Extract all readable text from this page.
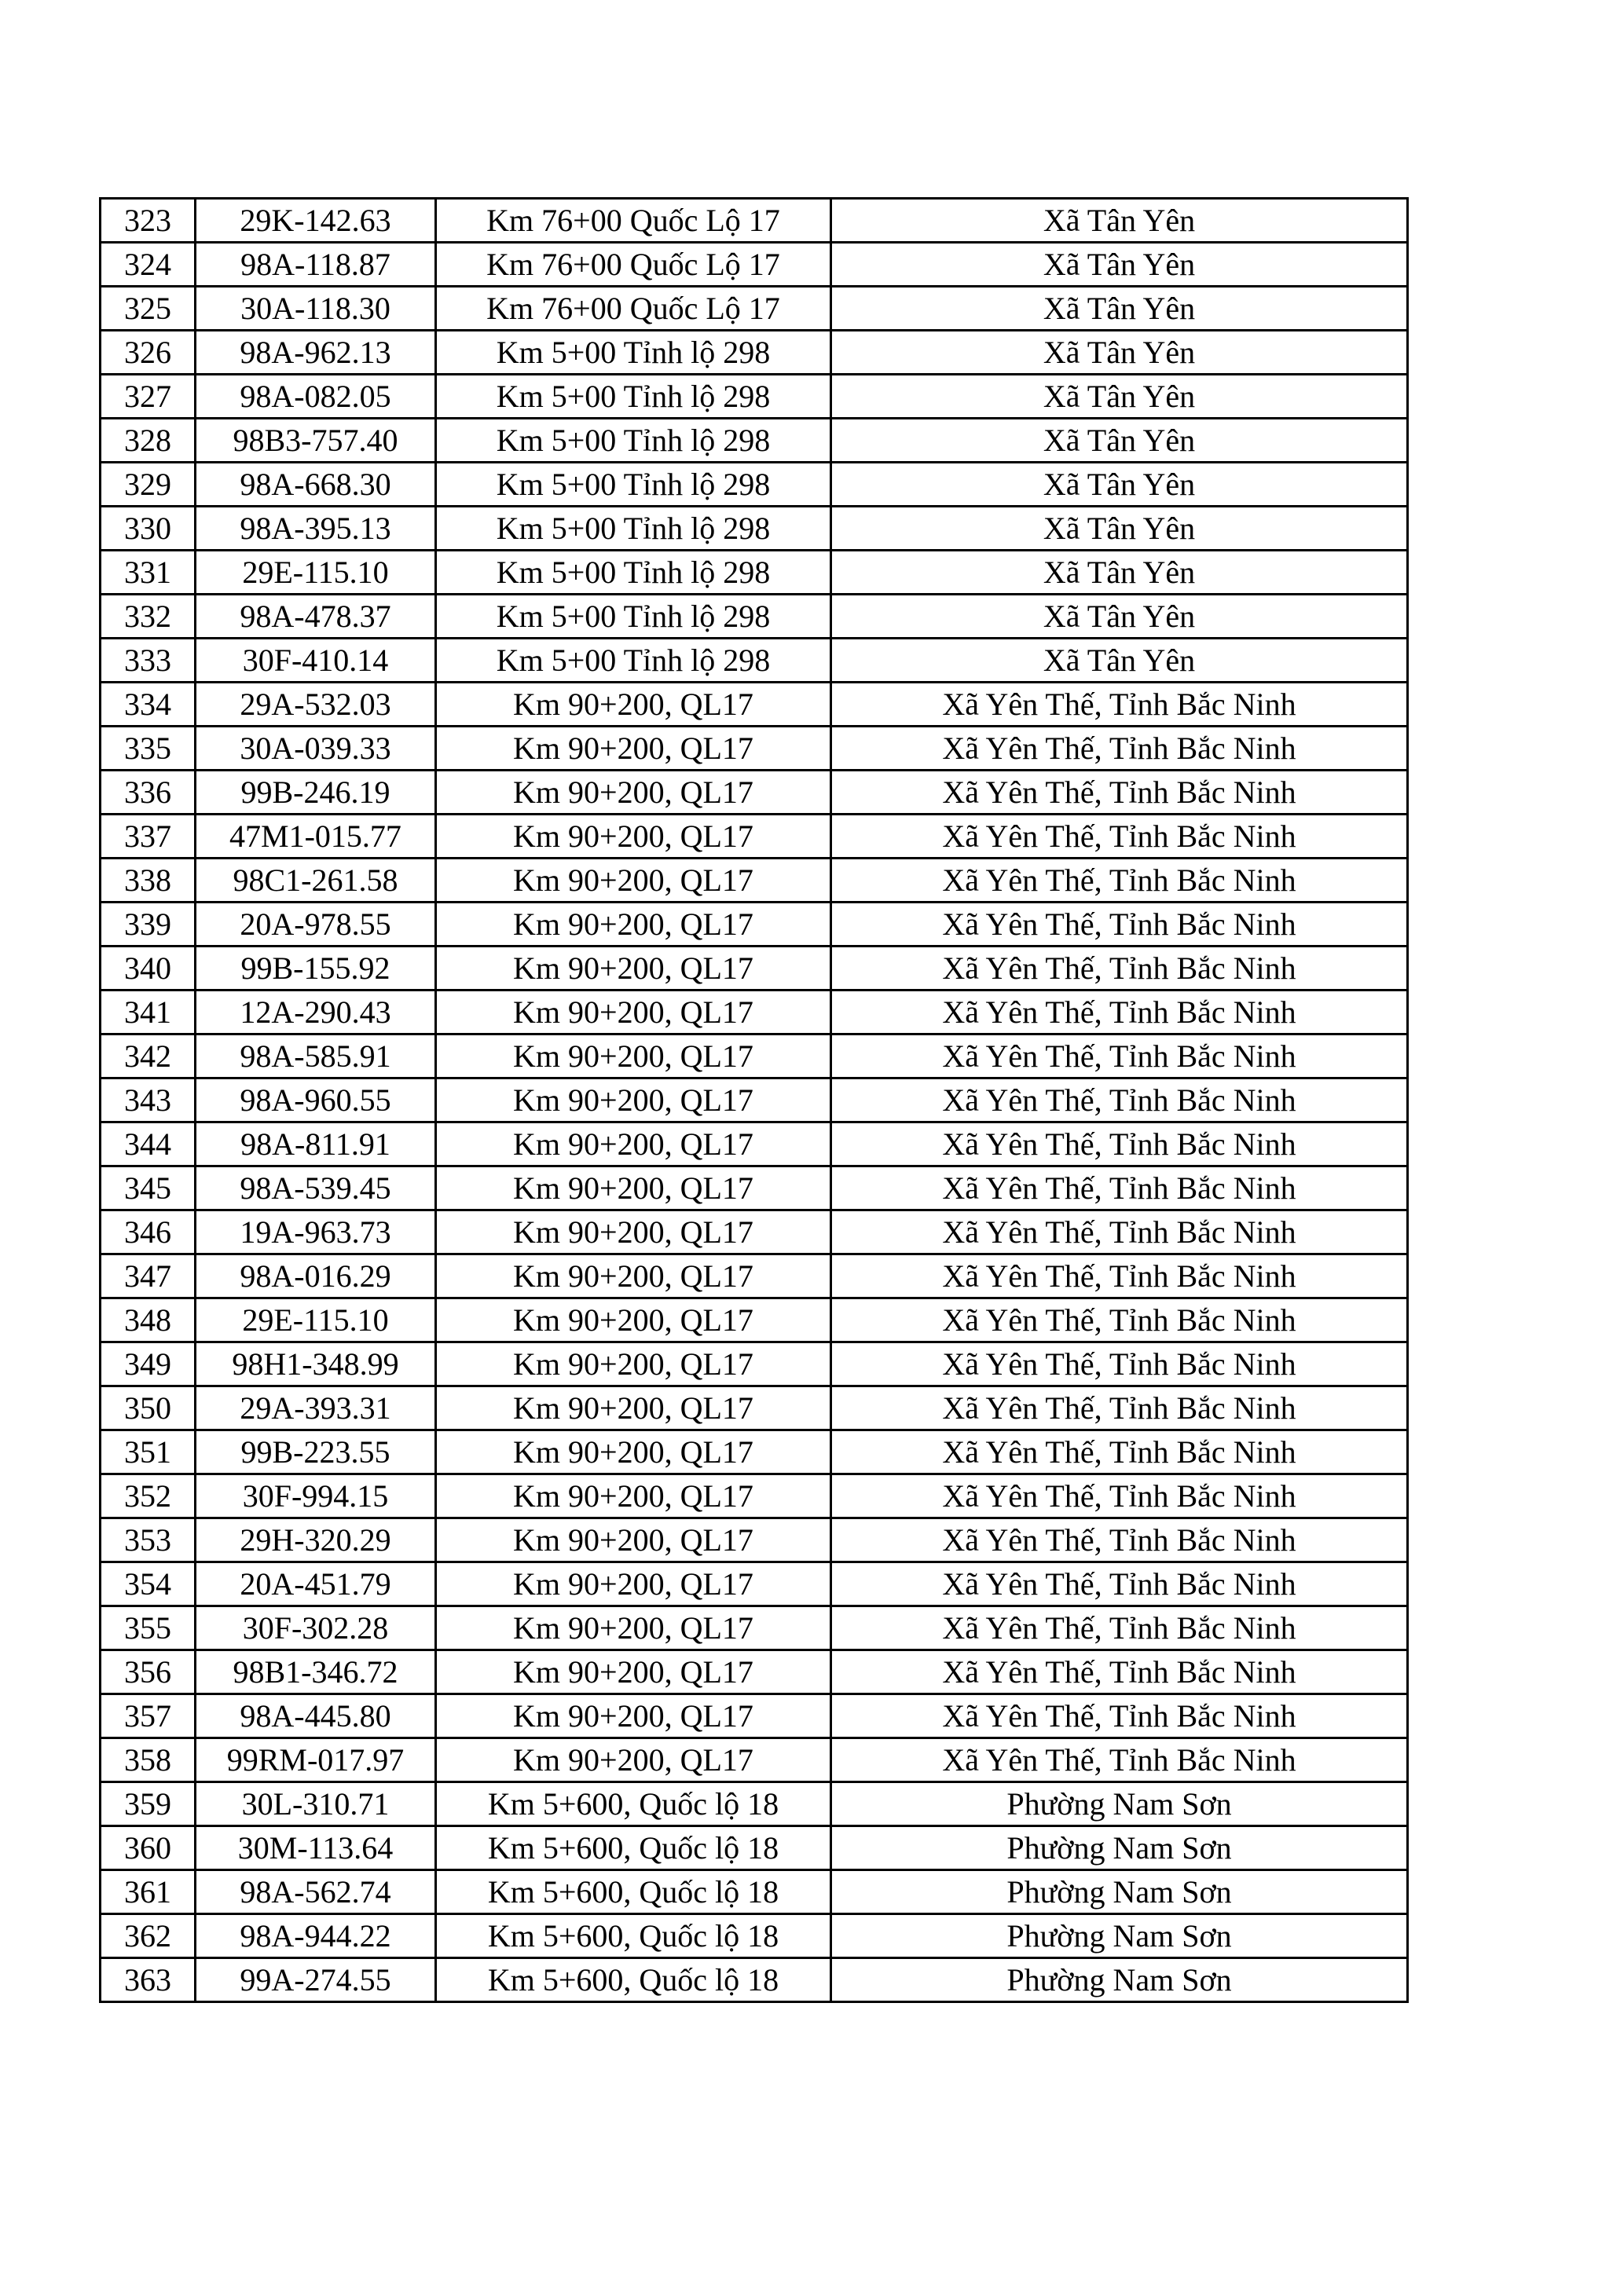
323	29K-142.63	Km 76+00 Quốc Lộ 17	Xã Tân Yên
324	98A-118.87	Km 76+00 Quốc Lộ 17	Xã Tân Yên
325	30A-118.30	Km 76+00 Quốc Lộ 17	Xã Tân Yên
326	98A-962.13	Km 5+00 Tỉnh lộ 298	Xã Tân Yên
327	98A-082.05	Km 5+00 Tỉnh lộ 298	Xã Tân Yên
328	98B3-757.40	Km 5+00 Tỉnh lộ 298	Xã Tân Yên
329	98A-668.30	Km 5+00 Tỉnh lộ 298	Xã Tân Yên
330	98A-395.13	Km 5+00 Tỉnh lộ 298	Xã Tân Yên
331	29E-115.10	Km 5+00 Tỉnh lộ 298	Xã Tân Yên
332	98A-478.37	Km 5+00 Tỉnh lộ 298	Xã Tân Yên
333	30F-410.14	Km 5+00 Tỉnh lộ 298	Xã Tân Yên
334	29A-532.03	Km 90+200, QL17	Xã Yên Thế, Tỉnh Bắc Ninh
335	30A-039.33	Km 90+200, QL17	Xã Yên Thế, Tỉnh Bắc Ninh
336	99B-246.19	Km 90+200, QL17	Xã Yên Thế, Tỉnh Bắc Ninh
337	47M1-015.77	Km 90+200, QL17	Xã Yên Thế, Tỉnh Bắc Ninh
338	98C1-261.58	Km 90+200, QL17	Xã Yên Thế, Tỉnh Bắc Ninh
339	20A-978.55	Km 90+200, QL17	Xã Yên Thế, Tỉnh Bắc Ninh
340	99B-155.92	Km 90+200, QL17	Xã Yên Thế, Tỉnh Bắc Ninh
341	12A-290.43	Km 90+200, QL17	Xã Yên Thế, Tỉnh Bắc Ninh
342	98A-585.91	Km 90+200, QL17	Xã Yên Thế, Tỉnh Bắc Ninh
343	98A-960.55	Km 90+200, QL17	Xã Yên Thế, Tỉnh Bắc Ninh
344	98A-811.91	Km 90+200, QL17	Xã Yên Thế, Tỉnh Bắc Ninh
345	98A-539.45	Km 90+200, QL17	Xã Yên Thế, Tỉnh Bắc Ninh
346	19A-963.73	Km 90+200, QL17	Xã Yên Thế, Tỉnh Bắc Ninh
347	98A-016.29	Km 90+200, QL17	Xã Yên Thế, Tỉnh Bắc Ninh
348	29E-115.10	Km 90+200, QL17	Xã Yên Thế, Tỉnh Bắc Ninh
349	98H1-348.99	Km 90+200, QL17	Xã Yên Thế, Tỉnh Bắc Ninh
350	29A-393.31	Km 90+200, QL17	Xã Yên Thế, Tỉnh Bắc Ninh
351	99B-223.55	Km 90+200, QL17	Xã Yên Thế, Tỉnh Bắc Ninh
352	30F-994.15	Km 90+200, QL17	Xã Yên Thế, Tỉnh Bắc Ninh
353	29H-320.29	Km 90+200, QL17	Xã Yên Thế, Tỉnh Bắc Ninh
354	20A-451.79	Km 90+200, QL17	Xã Yên Thế, Tỉnh Bắc Ninh
355	30F-302.28	Km 90+200, QL17	Xã Yên Thế, Tỉnh Bắc Ninh
356	98B1-346.72	Km 90+200, QL17	Xã Yên Thế, Tỉnh Bắc Ninh
357	98A-445.80	Km 90+200, QL17	Xã Yên Thế, Tỉnh Bắc Ninh
358	99RM-017.97	Km 90+200, QL17	Xã Yên Thế, Tỉnh Bắc Ninh
359	30L-310.71	Km 5+600, Quốc lộ 18	Phường Nam Sơn
360	30M-113.64	Km 5+600, Quốc lộ 18	Phường Nam Sơn
361	98A-562.74	Km 5+600, Quốc lộ 18	Phường Nam Sơn
362	98A-944.22	Km 5+600, Quốc lộ 18	Phường Nam Sơn
363	99A-274.55	Km 5+600, Quốc lộ 18	Phường Nam Sơn
